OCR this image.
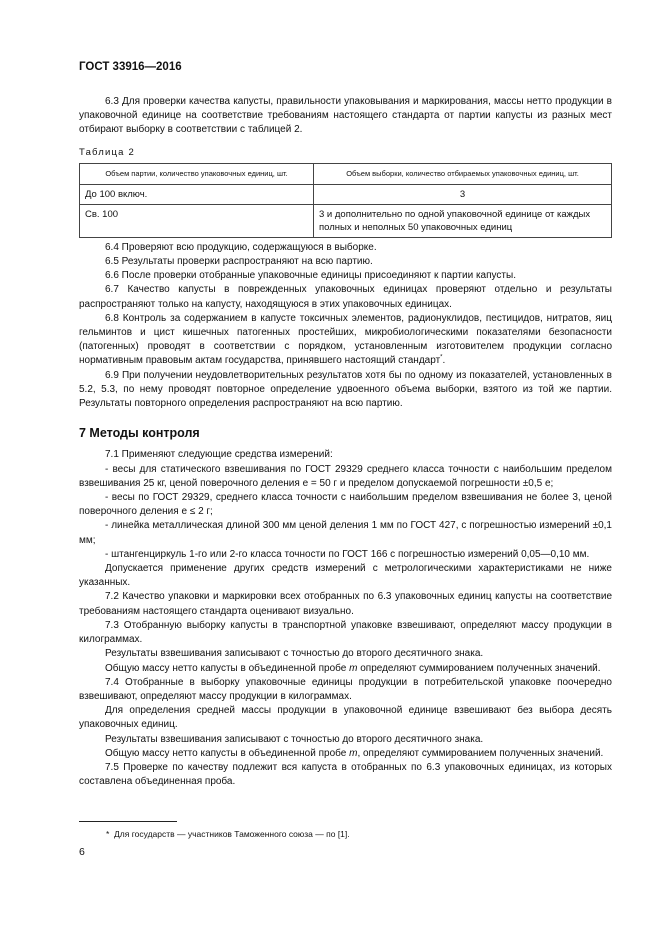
ГОСТ 33916—2016

6.3 Для проверки качества капусты, правильности упаковывания и маркирования, массы нетто продукции в упаковочной единице на соответствие требованиям настоящего стандарта от партии капусты из разных мест отбирают выборку в соответствии с таблицей 2.

Таблица 2
Объем партии, количество упаковочных единиц, шт.	Объем выборки, количество отбираемых упаковочных единиц, шт.
До 100 включ.	3
Св. 100	3 и дополнительно по одной упаковочной единице от каждых полных и неполных 50 упаковочных единиц

6.4 Проверяют всю продукцию, содержащуюся в выборке.

6.5 Результаты проверки распространяют на всю партию.

6.6 После проверки отобранные упаковочные единицы присоединяют к партии капусты.

6.7 Качество капусты в поврежденных упаковочных единицах проверяют отдельно и результаты распространяют только на капусту, находящуюся в этих упаковочных единицах.

6.8 Контроль за содержанием в капусте токсичных элементов, радионуклидов, пестицидов, нитратов, яиц гельминтов и цист кишечных патогенных простейших, микробиологическими показателями безопасности (патогенных) проводят в соответствии с порядком, установленным изготовителем продукции согласно нормативным правовым актам государства, принявшего настоящий стандарт*.

6.9 При получении неудовлетворительных результатов хотя бы по одному из показателей, установленных в 5.2, 5.3, по нему проводят повторное определение удвоенного объема выборки, взятого из той же партии. Результаты повторного определения распространяют на всю партию.

7 Методы контроля

7.1 Применяют следующие средства измерений:

- весы для статического взвешивания по ГОСТ 29329 среднего класса точности с наибольшим пределом взвешивания 25 кг, ценой поверочного деления e = 50 г и пределом допускаемой погрешности ±0,5 e;

- весы по ГОСТ 29329, среднего класса точности с наибольшим пределом взвешивания не более 3, ценой поверочного деления e ≤ 2 г;

- линейка металлическая длиной 300 мм ценой деления 1 мм по ГОСТ 427, с погрешностью измерений ±0,1 мм;

- штангенциркуль 1-го или 2-го класса точности по ГОСТ 166 с погрешностью измерений 0,05—0,10 мм.

Допускается применение других средств измерений с метрологическими характеристиками не ниже указанных.

7.2 Качество упаковки и маркировки всех отобранных по 6.3 упаковочных единиц капусты на соответствие требованиям настоящего стандарта оценивают визуально.

7.3 Отобранную выборку капусты в транспортной упаковке взвешивают, определяют массу продукции в килограммах.

Результаты взвешивания записывают с точностью до второго десятичного знака.

Общую массу нетто капусты в объединенной пробе m определяют суммированием полученных значений.

7.4 Отобранные в выборку упаковочные единицы продукции в потребительской упаковке поочередно взвешивают, определяют массу продукции в килограммах.

Для определения средней массы продукции в упаковочной единице взвешивают без выбора десять упаковочных единиц.

Результаты взвешивания записывают с точностью до второго десятичного знака.

Общую массу нетто капусты в объединенной пробе m, определяют суммированием полученных значений.

7.5 Проверке по качеству подлежит вся капуста в отобранных по 6.3 упаковочных единицах, из которых составлена объединенная проба.

* Для государств — участников Таможенного союза — по [1].
6
